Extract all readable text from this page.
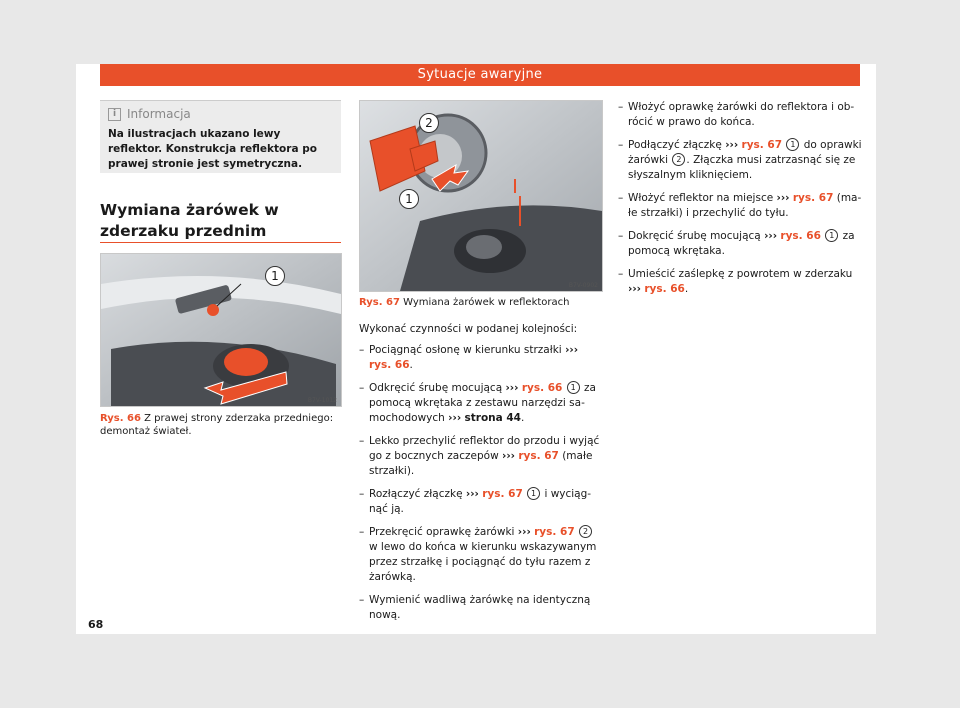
Sytuacje awaryjne
i Informacja
Na ilustracjach ukazano lewy reflektor. Konstrukcja reflektora po prawej stronie jest symetryczna.
Wymiana żarówek w zderzaku przednim
1
B7V-1012
Rys. 66 Z prawej strony zderzaka przedniego: demontaż świateł.
2
1
B7V-0902
Rys. 67 Wymiana żarówek w reflektorach

Wykonać czynności w podanej kolejności:

– Pociągnąć osłonę w kierunku strzałki ››› rys. 66.
– Odkręcić śrubę mocującą ››› rys. 66 1 za pomocą wkrętaka z zestawu narzędzi samochodowych ››› strona 44.
– Lekko przechylić reflektor do przodu i wyjąć go z bocznych zaczepów ››› rys. 67 (małe strzałki).
– Rozłączyć złączkę ››› rys. 67 1 i wyciągnąć ją.
– Przekręcić oprawkę żarówki ››› rys. 67 2 w lewo do końca w kierunku wskazywanym przez strzałkę i pociągnąć do tyłu razem z żarówką.
– Wymienić wadliwą żarówkę na identyczną nową.
– Włożyć oprawkę żarówki do reflektora i obrócić w prawo do końca.
– Podłączyć złączkę ››› rys. 67 1 do oprawki żarówki 2 . Złączka musi zatrzasnąć się ze słyszalnym kliknięciem.
– Włożyć reflektor na miejsce ››› rys. 67 (małe strzałki) i przechylić do tyłu.
– Dokręcić śrubę mocującą ››› rys. 66 1 za pomocą wkrętaka.
– Umieścić zaślepkę z powrotem w zderzaku ››› rys. 66.
68
